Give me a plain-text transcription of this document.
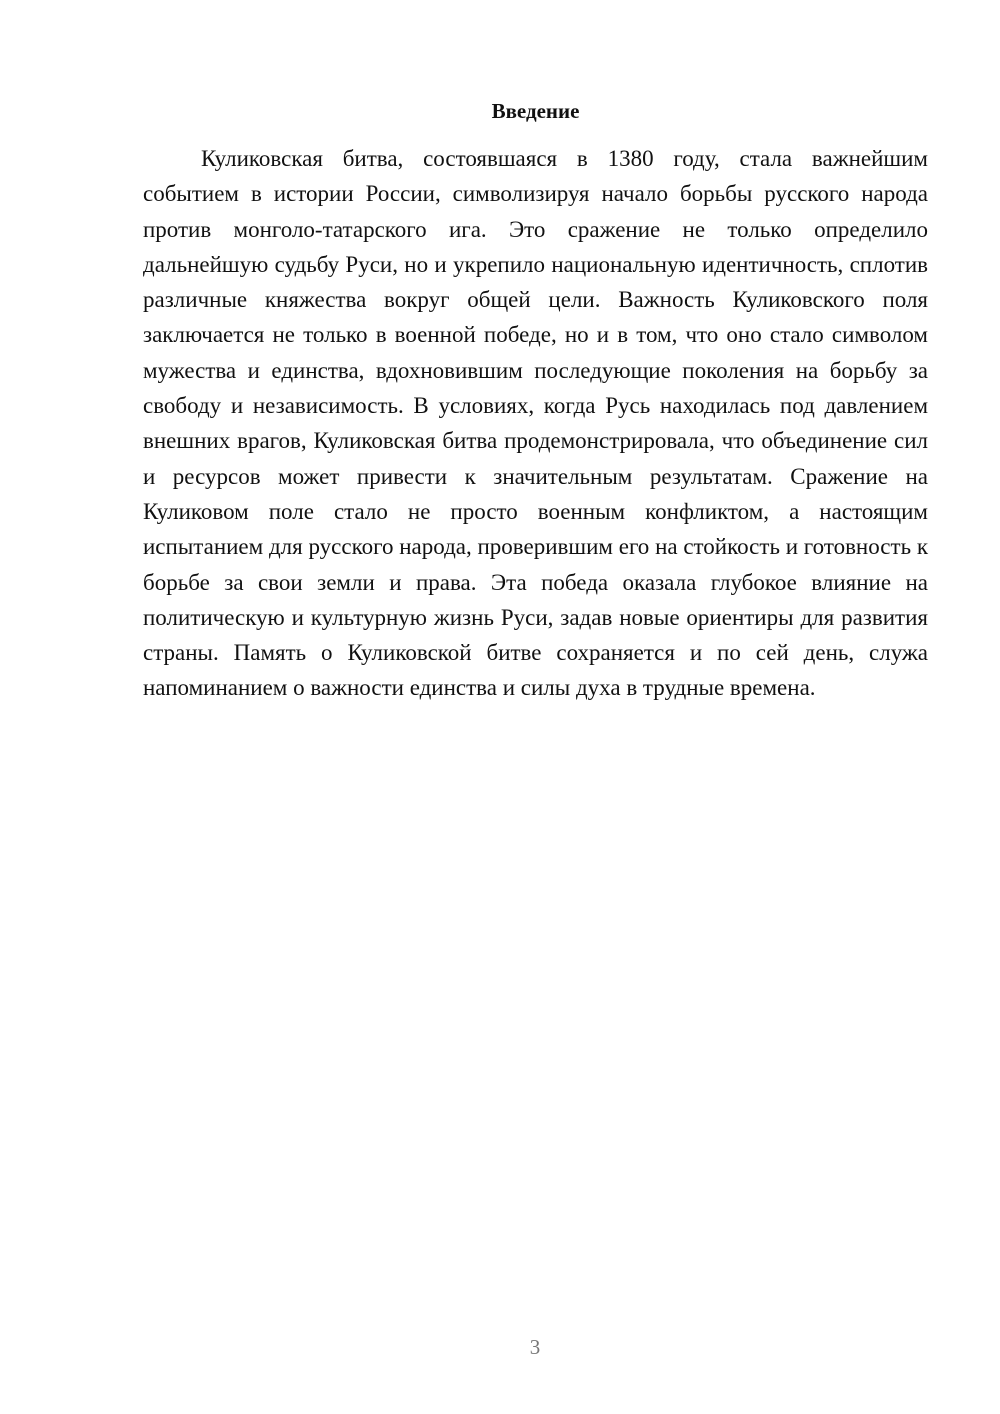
Введение

Куликовская битва, состоявшаяся в 1380 году, стала важнейшим событием в истории России, символизируя начало борьбы русского народа против монголо-татарского ига. Это сражение не только определило дальнейшую судьбу Руси, но и укрепило национальную идентичность, сплотив различные княжества вокруг общей цели. Важность Куликовского поля заключается не только в военной победе, но и в том, что оно стало символом мужества и единства, вдохновившим последующие поколения на борьбу за свободу и независимость. В условиях, когда Русь находилась под давлением внешних врагов, Куликовская битва продемонстрировала, что объединение сил и ресурсов может привести к значительным результатам. Сражение на Куликовом поле стало не просто военным конфликтом, а настоящим испытанием для русского народа, проверившим его на стойкость и готовность к борьбе за свои земли и права. Эта победа оказала глубокое влияние на политическую и культурную жизнь Руси, задав новые ориентиры для развития страны. Память о Куликовской битве сохраняется и по сей день, служа напоминанием о важности единства и силы духа в трудные времена.

3
